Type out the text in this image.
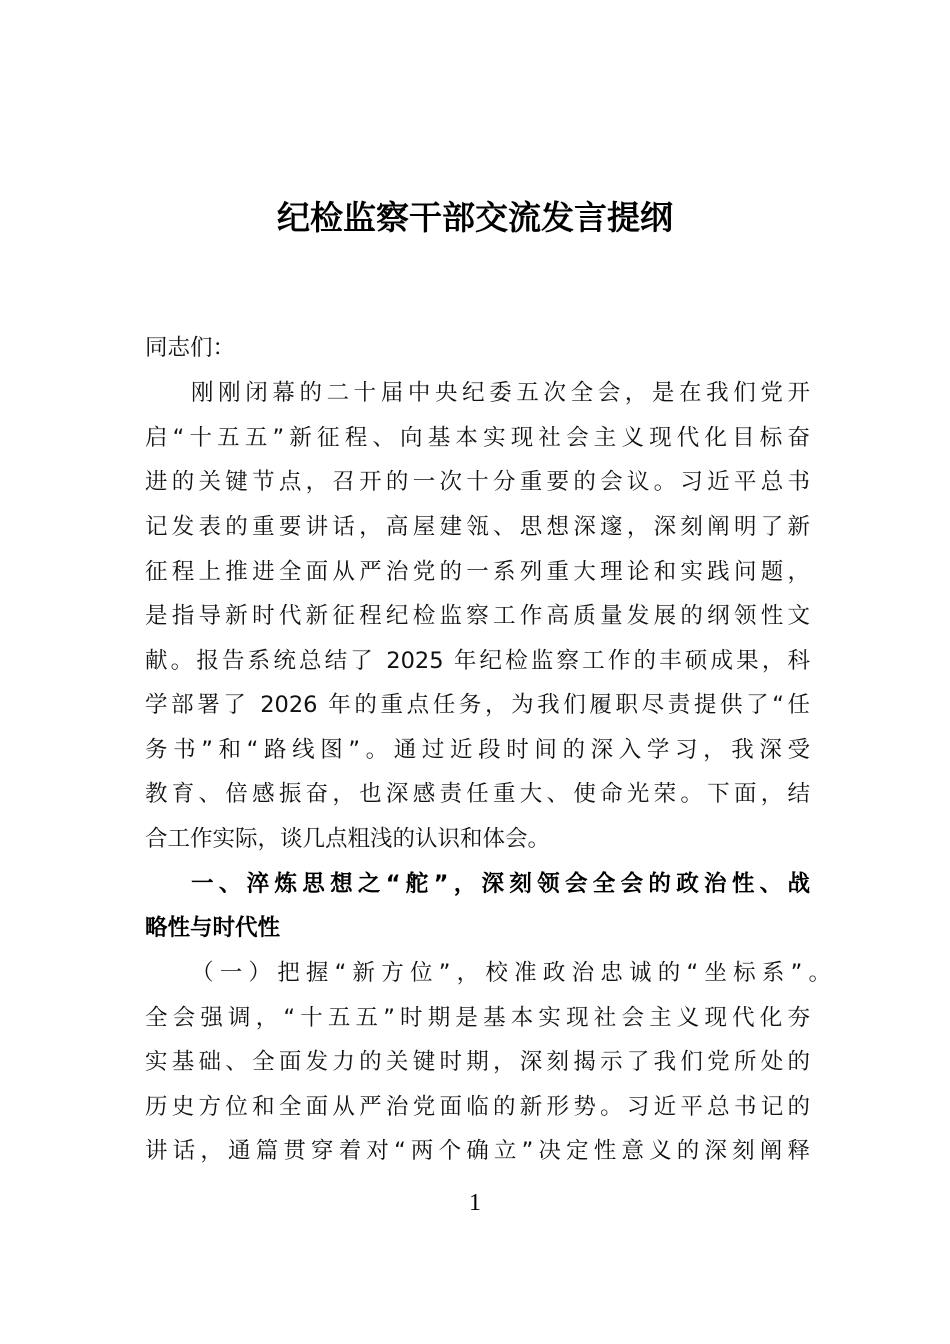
纪检监察干部交流发言提纲
同志们：
刚刚闭幕的二十届中央纪委五次全会，是在我们党开
启“十五五”新征程、向基本实现社会主义现代化目标奋
进的关键节点，召开的一次十分重要的会议。习近平总书
记发表的重要讲话，高屋建瓴、思想深邃，深刻阐明了新
征程上推进全面从严治党的一系列重大理论和实践问题，
是指导新时代新征程纪检监察工作高质量发展的纲领性文
献。报告系统总结了 2025 年纪检监察工作的丰硕成果，科
学部署了 2026 年的重点任务，为我们履职尽责提供了“任
务书”和“路线图”。通过近段时间的深入学习，我深受
教育、倍感振奋，也深感责任重大、使命光荣。下面，结
合工作实际，谈几点粗浅的认识和体会。
一、淬炼思想之“舵”，深刻领会全会的政治性、战
略性与时代性
（一）把握“新方位”，校准政治忠诚的“坐标系”。
全会强调，“十五五”时期是基本实现社会主义现代化夯
实基础、全面发力的关键时期，深刻揭示了我们党所处的
历史方位和全面从严治党面临的新形势。习近平总书记的
讲话，通篇贯穿着对“两个确立”决定性意义的深刻阐释
1
